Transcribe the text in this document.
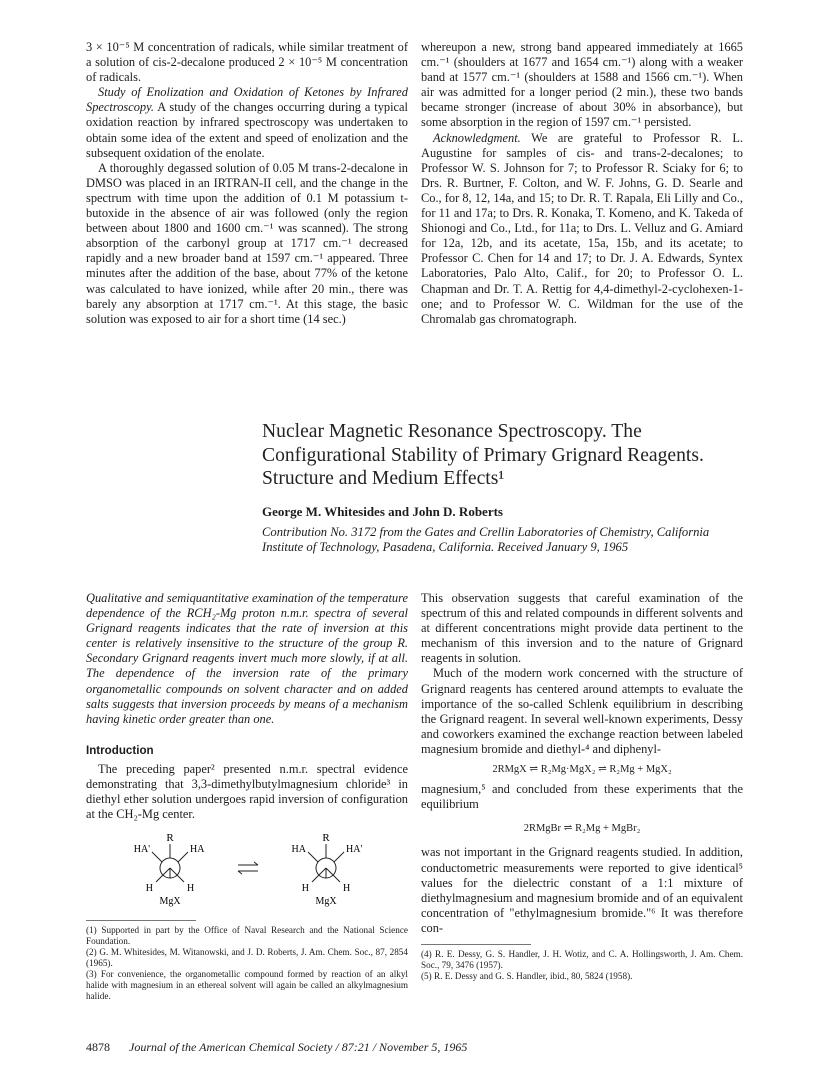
3 × 10⁻⁵ M concentration of radicals, while similar treatment of a solution of cis-2-decalone produced 2 × 10⁻⁵ M concentration of radicals.

Study of Enolization and Oxidation of Ketones by Infrared Spectroscopy. A study of the changes occurring during a typical oxidation reaction by infrared spectroscopy was undertaken to obtain some idea of the extent and speed of enolization and the subsequent oxidation of the enolate.

A thoroughly degassed solution of 0.05 M trans-2-decalone in DMSO was placed in an IRTRAN-II cell, and the change in the spectrum with time upon the addition of 0.1 M potassium t-butoxide in the absence of air was followed (only the region between about 1800 and 1600 cm.⁻¹ was scanned). The strong absorption of the carbonyl group at 1717 cm.⁻¹ decreased rapidly and a new broader band at 1597 cm.⁻¹ appeared. Three minutes after the addition of the base, about 77% of the ketone was calculated to have ionized, while after 20 min., there was barely any absorption at 1717 cm.⁻¹. At this stage, the basic solution was exposed to air for a short time (14 sec.)

whereupon a new, strong band appeared immediately at 1665 cm.⁻¹ (shoulders at 1677 and 1654 cm.⁻¹) along with a weaker band at 1577 cm.⁻¹ (shoulders at 1588 and 1566 cm.⁻¹). When air was admitted for a longer period (2 min.), these two bands became stronger (increase of about 30% in absorbance), but some absorption in the region of 1597 cm.⁻¹ persisted.

Acknowledgment. We are grateful to Professor R. L. Augustine for samples of cis- and trans-2-decalones; to Professor W. S. Johnson for 7; to Professor R. Sciaky for 6; to Drs. R. Burtner, F. Colton, and W. F. Johns, G. D. Searle and Co., for 8, 12, 14a, and 15; to Dr. R. T. Rapala, Eli Lilly and Co., for 11 and 17a; to Drs. R. Konaka, T. Komeno, and K. Takeda of Shionogi and Co., Ltd., for 11a; to Drs. L. Velluz and G. Amiard for 12a, 12b, and its acetate, 15a, 15b, and its acetate; to Professor C. Chen for 14 and 17; to Dr. J. A. Edwards, Syntex Laboratories, Palo Alto, Calif., for 20; to Professor O. L. Chapman and Dr. T. A. Rettig for 4,4-dimethyl-2-cyclohexen-1-one; and to Professor W. C. Wildman for the use of the Chromalab gas chromatograph.

Nuclear Magnetic Resonance Spectroscopy. The Configurational Stability of Primary Grignard Reagents. Structure and Medium Effects¹
George M. Whitesides and John D. Roberts
Contribution No. 3172 from the Gates and Crellin Laboratories of Chemistry, California Institute of Technology, Pasadena, California. Received January 9, 1965

Qualitative and semiquantitative examination of the temperature dependence of the RCH₂-Mg proton n.m.r. spectra of several Grignard reagents indicates that the rate of inversion at this center is relatively insensitive to the structure of the group R. Secondary Grignard reagents invert much more slowly, if at all. The dependence of the inversion rate of the primary organometallic compounds on solvent character and on added salts suggests that inversion proceeds by means of a mechanism having kinetic order greater than one.

Introduction

The preceding paper² presented n.m.r. spectral evidence demonstrating that 3,3-dimethylbutylmagnesium chloride³ in diethyl ether solution undergoes rapid inversion of configuration at the CH₂-Mg center.

R
HA'	HA
H	H
MgX
R
HA	HA'
H	H
MgX

(1) Supported in part by the Office of Naval Research and the National Science Foundation.

(2) G. M. Whitesides, M. Witanowski, and J. D. Roberts, J. Am. Chem. Soc., 87, 2854 (1965).

(3) For convenience, the organometallic compound formed by reaction of an alkyl halide with magnesium in an ethereal solvent will again be called an alkylmagnesium halide.

This observation suggests that careful examination of the spectrum of this and related compounds in different solvents and at different concentrations might provide data pertinent to the mechanism of this inversion and to the nature of Grignard reagents in solution.

Much of the modern work concerned with the structure of Grignard reagents has centered around attempts to evaluate the importance of the so-called Schlenk equilibrium in describing the Grignard reagent. In several well-known experiments, Dessy and coworkers examined the exchange reaction between labeled magnesium bromide and diethyl-⁴ and diphenyl-

2RMgX ⇌ R₂Mg·MgX₂ ⇌ R₂Mg + MgX₂

magnesium,⁵ and concluded from these experiments that the equilibrium

2RMgBr ⇌ R₂Mg + MgBr₂

was not important in the Grignard reagents studied. In addition, conductometric measurements were reported to give identical⁵ values for the dielectric constant of a 1:1 mixture of diethylmagnesium and magnesium bromide and of an equivalent concentration of "ethylmagnesium bromide."⁶ It was therefore con-

(4) R. E. Dessy, G. S. Handler, J. H. Wotiz, and C. A. Hollingsworth, J. Am. Chem. Soc., 79, 3476 (1957).

(5) R. E. Dessy and G. S. Handler, ibid., 80, 5824 (1958).

4878 Journal of the American Chemical Society / 87:21 / November 5, 1965
